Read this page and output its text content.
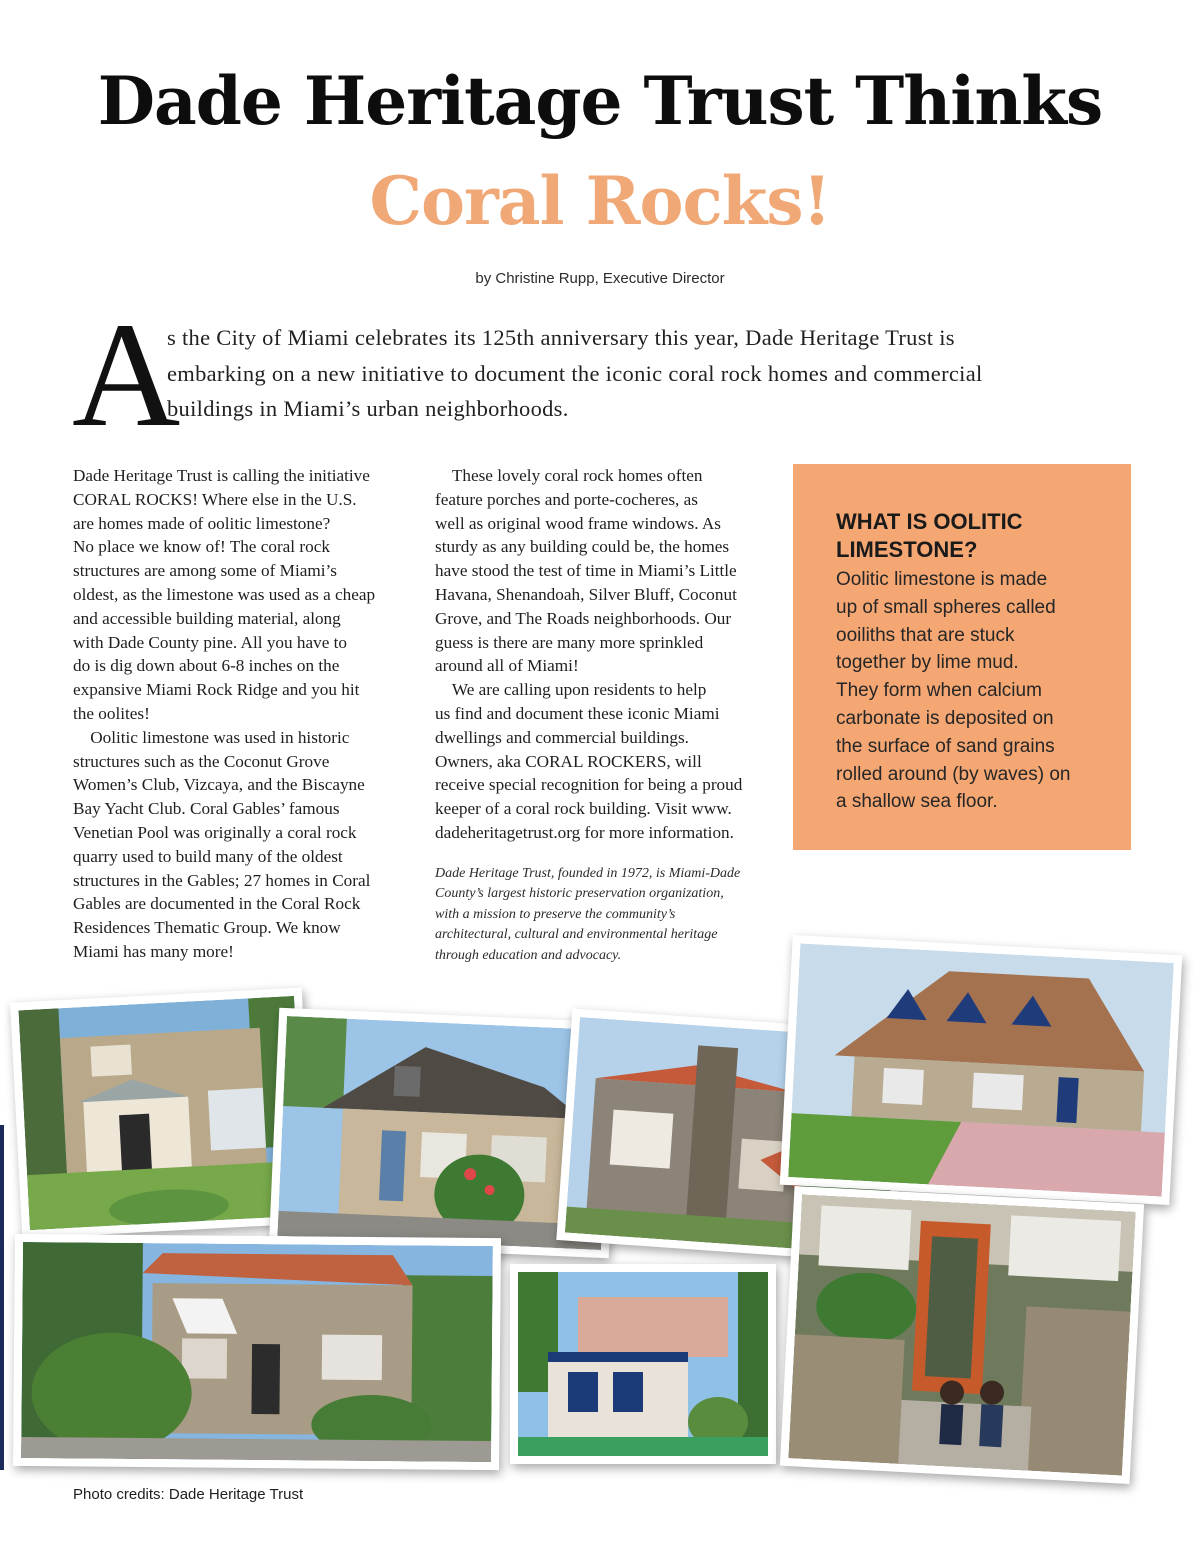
Dade Heritage Trust Thinks
Coral Rocks!
by Christine Rupp, Executive Director
A
s the City of Miami celebrates its 125th anniversary this year, Dade Heritage Trust is
embarking on a new initiative to document the iconic coral rock homes and commercial
buildings in Miami’s urban neighborhoods.
Dade Heritage Trust is calling the initiative
CORAL ROCKS! Where else in the U.S.
are homes made of oolitic limestone?
No place we know of! The coral rock
structures are among some of Miami’s
oldest, as the limestone was used as a cheap
and accessible building material, along
with Dade County pine. All you have to
do is dig down about 6-8 inches on the
expansive Miami Rock Ridge and you hit
the oolites!
Oolitic limestone was used in historic
structures such as the Coconut Grove
Women’s Club, Vizcaya, and the Biscayne
Bay Yacht Club. Coral Gables’ famous
Venetian Pool was originally a coral rock
quarry used to build many of the oldest
structures in the Gables; 27 homes in Coral
Gables are documented in the Coral Rock
Residences Thematic Group. We know
Miami has many more!
These lovely coral rock homes often
feature porches and porte-cocheres, as
well as original wood frame windows. As
sturdy as any building could be, the homes
have stood the test of time in Miami’s Little
Havana, Shenandoah, Silver Bluff, Coconut
Grove, and The Roads neighborhoods. Our
guess is there are many more sprinkled
around all of Miami!
We are calling upon residents to help
us find and document these iconic Miami
dwellings and commercial buildings.
Owners, aka CORAL ROCKERS, will
receive special recognition for being a proud
keeper of a coral rock building. Visit www.
dadeheritagetrust.org for more information.
Dade Heritage Trust, founded in 1972, is Miami-Dade
County’s largest historic preservation organization,
with a mission to preserve the community’s
architectural, cultural and environmental heritage
through education and advocacy.
WHAT IS OOLITIC
LIMESTONE?
Oolitic limestone is made
up of small spheres called
ooiliths that are stuck
together by lime mud.
They form when calcium
carbonate is deposited on
the surface of sand grains
rolled around (by waves) on
a shallow sea floor.
Photo credits: Dade Heritage Trust
